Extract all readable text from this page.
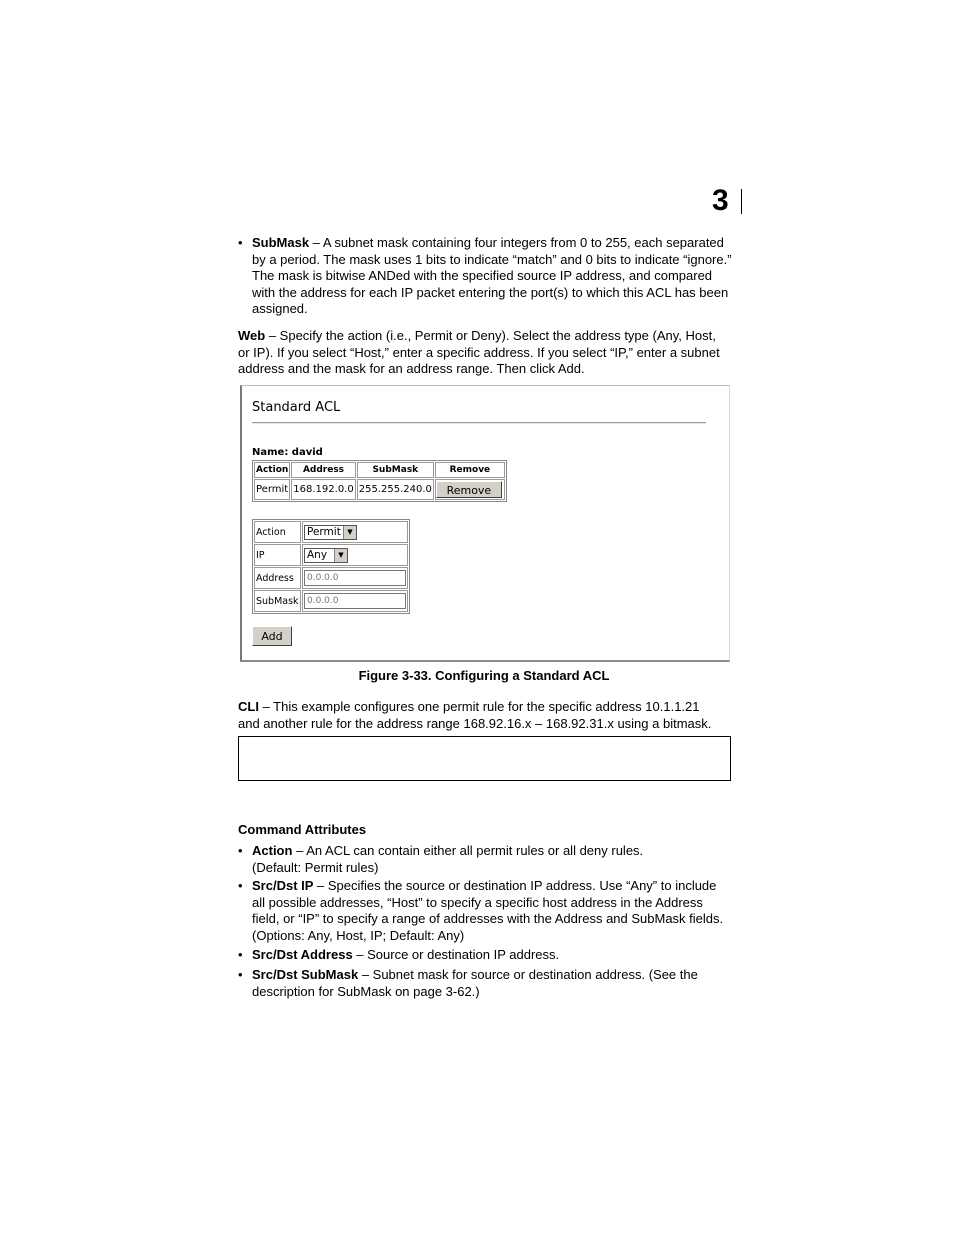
3
• SubMask – A subnet mask containing four integers from 0 to 255, each separated
by a period. The mask uses 1 bits to indicate “match” and 0 bits to indicate “ignore.”
The mask is bitwise ANDed with the specified source IP address, and compared
with the address for each IP packet entering the port(s) to which this ACL has been
assigned.
Web – Specify the action (i.e., Permit or Deny). Select the address type (Any, Host,
or IP). If you select “Host,” enter a specific address. If you select “IP,” enter a subnet
address and the mask for an address range. Then click Add.
Standard ACL
Name: david
Action	Address	SubMask	Remove
Permit	168.192.0.0	255.255.240.0	Remove
Action	Permit ▼

IP	Any ▼

Address	0.0.0.0
SubMask	0.0.0.0
Add
Figure 3-33. Configuring a Standard ACL
CLI – This example configures one permit rule for the specific address 10.1.1.21
and another rule for the address range 168.92.16.x – 168.92.31.x using a bitmask.
Command Attributes
• Action – An ACL can contain either all permit rules or all deny rules.
(Default: Permit rules)
• Src/Dst IP – Specifies the source or destination IP address. Use “Any” to include
all possible addresses, “Host” to specify a specific host address in the Address
field, or “IP” to specify a range of addresses with the Address and SubMask fields.
(Options: Any, Host, IP; Default: Any)
• Src/Dst Address – Source or destination IP address.
• Src/Dst SubMask – Subnet mask for source or destination address. (See the
description for SubMask on page 3-62.)
